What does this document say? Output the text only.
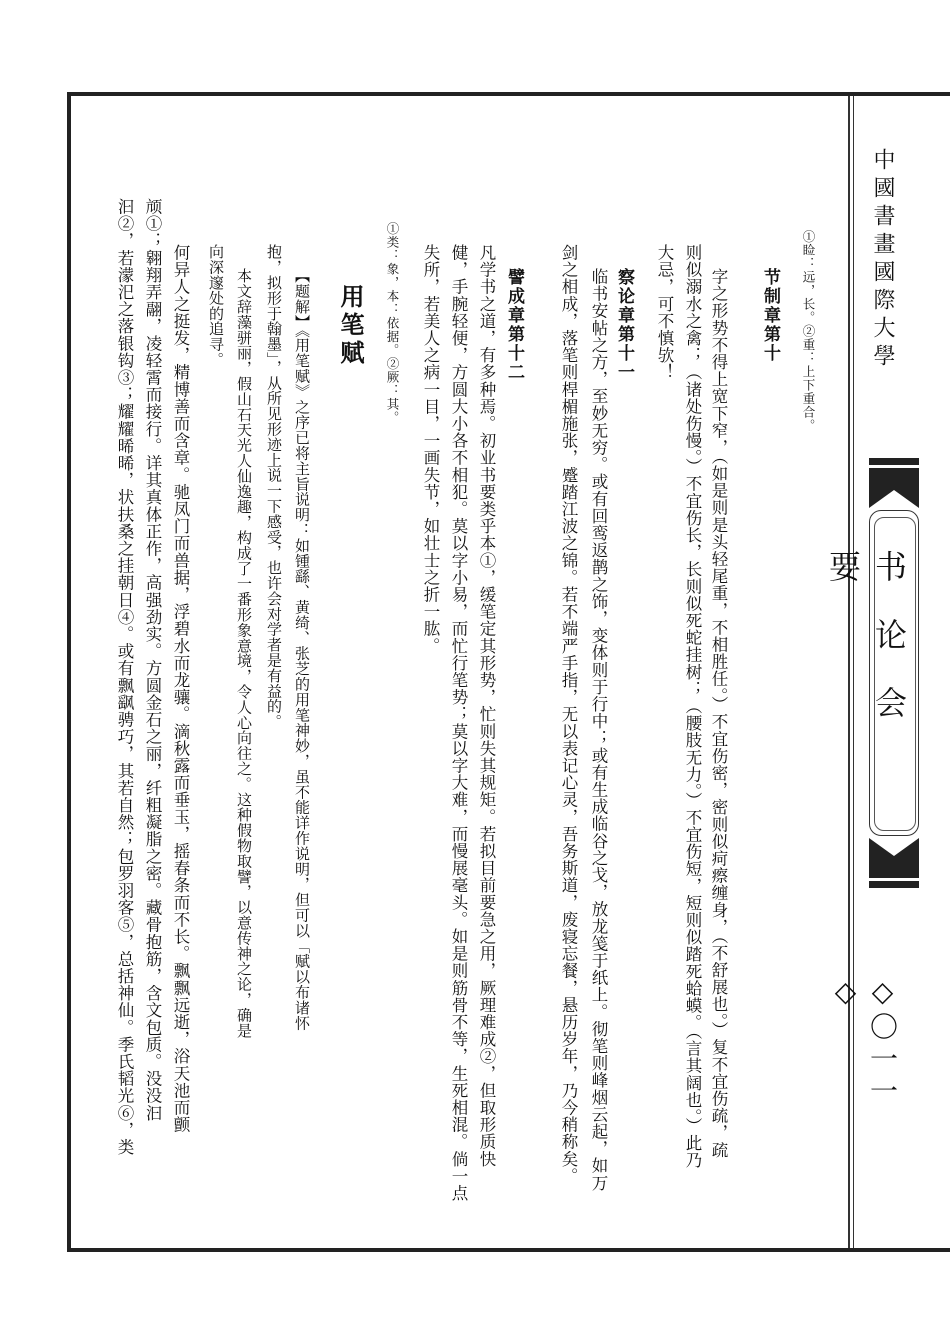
中國書畫國際大學
书论会要
◇〇一一◇
①睑：远，长。②重：上下重合。
节制章第十
字之形势不得上宽下窄，（如是则是头轻尾重，不相胜任。）不宜伤密，密则似疴瘵缠身，（不舒展也。）复不宜伤疏，疏
则似溺水之禽；（诸处伤慢。）不宜伤长，长则似死蛇挂树；（腰肢无力。）不宜伤短，短则似踏死蛤蟆。（言其阔也。）此乃
大忌，可不慎欤！
察论章第十一
临书安帖之方，至妙无穷。或有回鸾返鹊之饰，变体则于行中；或有生成临谷之戈，放龙笺于纸上。彻笔则峰烟云起，如万
剑之相成，落笔则桿楣施张，蹙踏江波之锦。若不端严手指，无以表记心灵，吾务斯道，废寝忘餐，悬历岁年，乃今稍称矣。
譬成章第十二
凡学书之道，有多种焉。初业书要类乎本①，缓笔定其形势，忙则失其规矩。若拟目前要急之用，厥理难成②，但取形质快
健，手腕轻便，方圆大小各不相犯。莫以字小易，而忙行笔势；莫以字大难，而慢展毫头。如是则筋骨不等，生死相混。倘一点
失所，若美人之病一目，一画失节，如壮士之折一肱。
①类：象，本：依据。②厥：其。
用笔赋
【题解】《用笔赋》之序已将主旨说明：如锺繇、黄绮、张芝的用笔神妙，虽不能详作说明，但可以「赋以布诸怀
抱，拟形于翰墨」，从所见形迹上说一下感受，也许会对学者是有益的。
本文辞藻骈丽，假山石天光人仙逸趣，构成了一番形象意境，令人心向往之。这种假物取譬，以意传神之论，确是
向深邃处的追寻。
何异人之挺发，精博善而含章。驰凤门而兽据，浮碧水而龙骧。滴秋露而垂玉，摇春条而不长。飘飘远逝，浴天池而颤
颃①；翱翔弄翮，凌轻霄而接行。详其真体正作，高强劲实。方圆金石之丽，纤粗凝脂之密。藏骨抱筋，含文包质。没没汩
汩②，若濛汜之落银钩③；耀耀晞晞，状扶桑之挂朝日④。或有飘飖骋巧，其若自然；包罗羽客⑤，总括神仙。季氏韬光⑥，类
